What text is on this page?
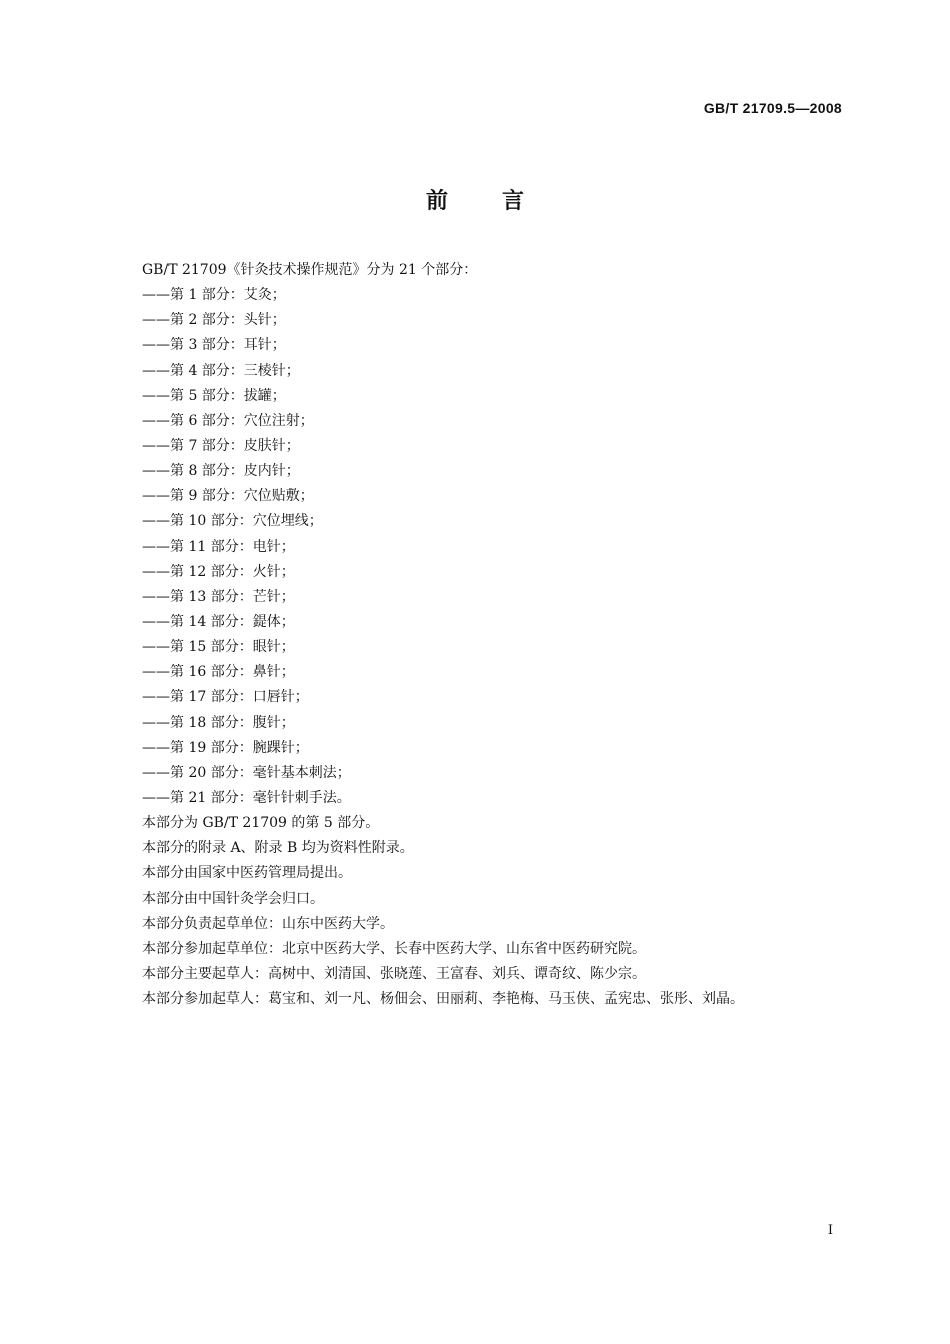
GB/T 21709.5—2008
前言
GB/T 21709《针灸技术操作规范》分为 21 个部分：
——第 1 部分：艾灸；
——第 2 部分：头针；
——第 3 部分：耳针；
——第 4 部分：三棱针；
——第 5 部分：拔罐；
——第 6 部分：穴位注射；
——第 7 部分：皮肤针；
——第 8 部分：皮内针；
——第 9 部分：穴位贴敷；
——第 10 部分：穴位埋线；
——第 11 部分：电针；
——第 12 部分：火针；
——第 13 部分：芒针；
——第 14 部分：鍉体；
——第 15 部分：眼针；
——第 16 部分：鼻针；
——第 17 部分：口唇针；
——第 18 部分：腹针；
——第 19 部分：腕踝针；
——第 20 部分：毫针基本刺法；
——第 21 部分：毫针针刺手法。
本部分为 GB/T 21709 的第 5 部分。
本部分的附录 A、附录 B 均为资料性附录。
本部分由国家中医药管理局提出。
本部分由中国针灸学会归口。
本部分负责起草单位：山东中医药大学。
本部分参加起草单位：北京中医药大学、长春中医药大学、山东省中医药研究院。
本部分主要起草人：高树中、刘清国、张晓莲、王富春、刘兵、谭奇纹、陈少宗。
本部分参加起草人：葛宝和、刘一凡、杨佃会、田丽莉、李艳梅、马玉侠、孟宪忠、张彤、刘晶。
I
